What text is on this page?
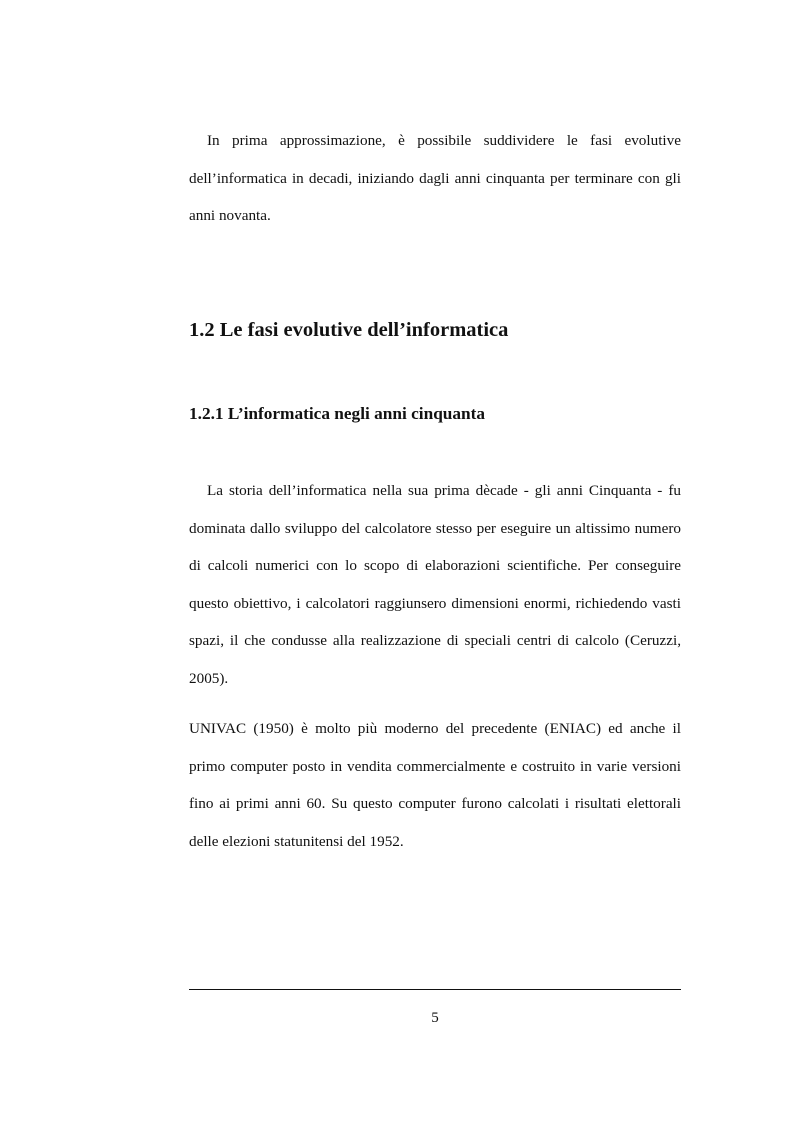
In prima approssimazione, è possibile suddividere le fasi evolutive dell’informatica in decadi, iniziando dagli anni cinquanta per terminare con gli anni novanta.

1.2 Le fasi evolutive dell’informatica
1.2.1 L’informatica negli anni cinquanta

La storia dell’informatica nella sua prima dècade - gli anni Cinquanta - fu dominata dallo sviluppo del calcolatore stesso per eseguire un altissimo numero di calcoli numerici con lo scopo di elaborazioni scientifiche. Per conseguire questo obiettivo, i calcolatori raggiunsero dimensioni enormi, richiedendo vasti spazi, il che condusse alla realizzazione di speciali centri di calcolo (Ceruzzi, 2005).

UNIVAC (1950) è molto più moderno del precedente (ENIAC) ed anche il primo computer posto in vendita commercialmente e costruito in varie versioni fino ai primi anni 60. Su questo computer furono calcolati i risultati elettorali delle elezioni statunitensi del 1952.

5
